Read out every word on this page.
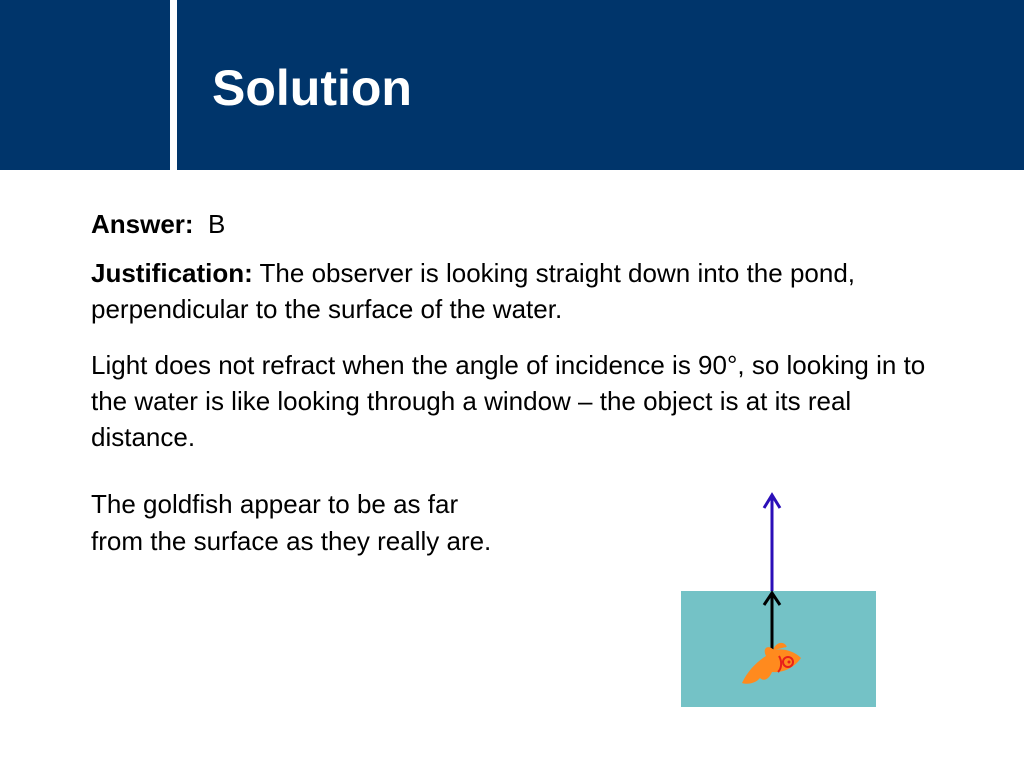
Solution

Answer: B

Justification: The observer is looking straight down into the pond, perpendicular to the surface of the water.

Light does not refract when the angle of incidence is 90°, so looking in to the water is like looking through a window – the object is at its real distance.

The goldfish appear to be as far
from the surface as they really are.
